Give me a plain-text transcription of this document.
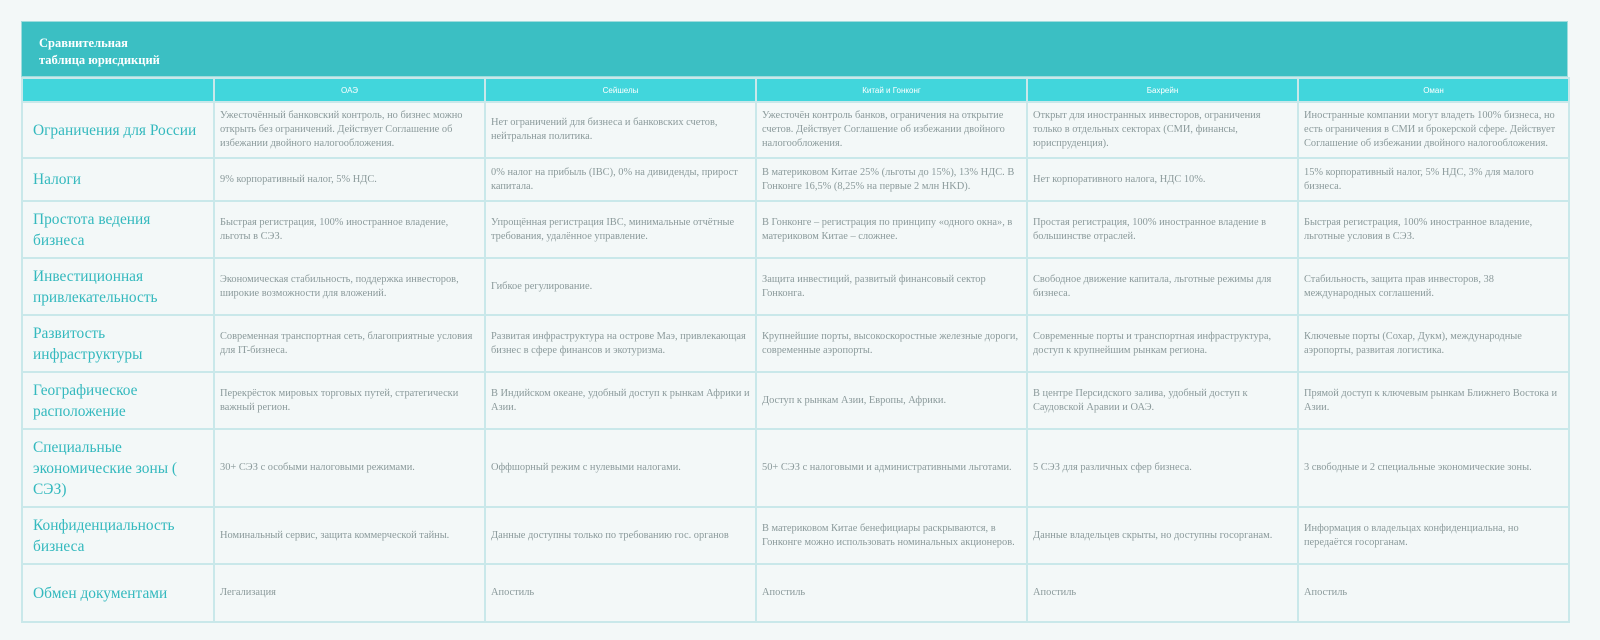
Сравнительная
таблица юрисдикций
	ОАЭ	Сейшелы	Китай и Гонконг	Бахрейн	Оман
Ограничения для России	Ужесточённый банковский контроль, но бизнес можно открыть без ограничений. Действует Соглашение об избежании двойного налогообложения.	Нет ограничений для бизнеса и банковских счетов, нейтральная политика.	Ужесточён контроль банков, ограничения на открытие счетов. Действует Соглашение об избежании двойного налогообложения.	Открыт для иностранных инвесторов, ограничения только в отдельных секторах (СМИ, финансы, юриспруденция).	Иностранные компании могут владеть 100% бизнеса, но есть ограничения в СМИ и брокерской сфере. Действует Соглашение об избежании двойного налогообложения.
Налоги	9% корпоративный налог, 5% НДС.	0% налог на прибыль (IBC), 0% на дивиденды, прирост капитала.	В материковом Китае 25% (льготы до 15%), 13% НДС. В Гонконге 16,5% (8,25% на первые 2 млн HKD).	Нет корпоративного налога, НДС 10%.	15% корпоративный налог, 5% НДС, 3% для малого бизнеса.
Простота ведения бизнеса	Быстрая регистрация, 100% иностранное владение, льготы в СЭЗ.	Упрощённая регистрация IBC, минимальные отчётные требования, удалённое управление.	В Гонконге – регистрация по принципу «одного окна», в материковом Китае – сложнее.	Простая регистрация, 100% иностранное владение в большинстве отраслей.	Быстрая регистрация, 100% иностранное владение, льготные условия в СЭЗ.
Инвестиционная привлекательность	Экономическая стабильность, поддержка инвесторов, широкие возможности для вложений.	Гибкое регулирование.	Защита инвестиций, развитый финансовый сектор Гонконга.	Свободное движение капитала, льготные режимы для бизнеса.	Стабильность, защита прав инвесторов, 38 международных соглашений.
Развитость инфраструктуры	Современная транспортная сеть, благоприятные условия для IT-бизнеса.	Развитая инфраструктура на острове Маэ, привлекающая бизнес в сфере финансов и экотуризма.	Крупнейшие порты, высокоскоростные железные дороги, современные аэропорты.	Современные порты и транспортная инфраструктура, доступ к крупнейшим рынкам региона.	Ключевые порты (Сохар, Дукм), международные аэропорты, развитая логистика.
Географическое расположение	Перекрёсток мировых торговых путей, стратегически важный регион.	В Индийском океане, удобный доступ к рынкам Африки и Азии.	Доступ к рынкам Азии, Европы, Африки.	В центре Персидского залива, удобный доступ к Саудовской Аравии и ОАЭ.	Прямой доступ к ключевым рынкам Ближнего Востока и Азии.
Специальные экономические зоны ( СЭЗ)	30+ СЭЗ с особыми налоговыми режимами.	Оффшорный режим с нулевыми налогами.	50+ СЭЗ с налоговыми и административными льготами.	5 СЭЗ для различных сфер бизнеса.	3 свободные и 2 специальные экономические зоны.
Конфиденциальность бизнеса	Номинальный сервис, защита коммерческой тайны.	Данные доступны только по требованию гос. органов	В материковом Китае бенефициары раскрываются, в Гонконге можно использовать номинальных акционеров.	Данные владельцев скрыты, но доступны госорганам.	Информация о владельцах конфиденциальна, но передаётся госорганам.
Обмен документами	Легализация	Апостиль	Апостиль	Апостиль	Апостиль
